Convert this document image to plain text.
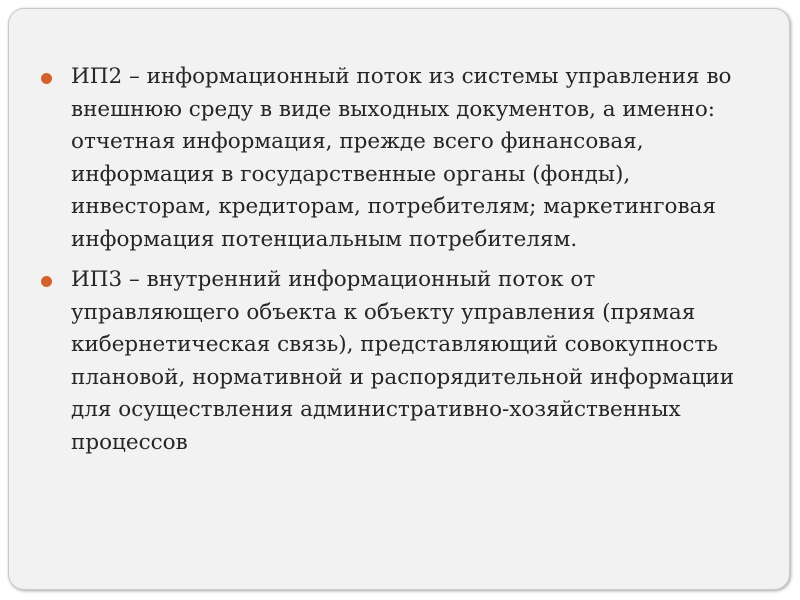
ИП2 – информационный поток из системы управления во внешнюю среду в виде выходных документов, а именно: отчетная информация, прежде всего финансовая, информация в государственные органы (фонды), инвесторам, кредиторам, потребителям; маркетинговая информация потенциальным потребителям.
ИП3 – внутренний информационный поток от управляющего объекта к объекту управления (прямая кибернетическая связь), представляющий совокупность плановой, нормативной и распорядительной информации для осуществления административно-хозяйственных процессов
